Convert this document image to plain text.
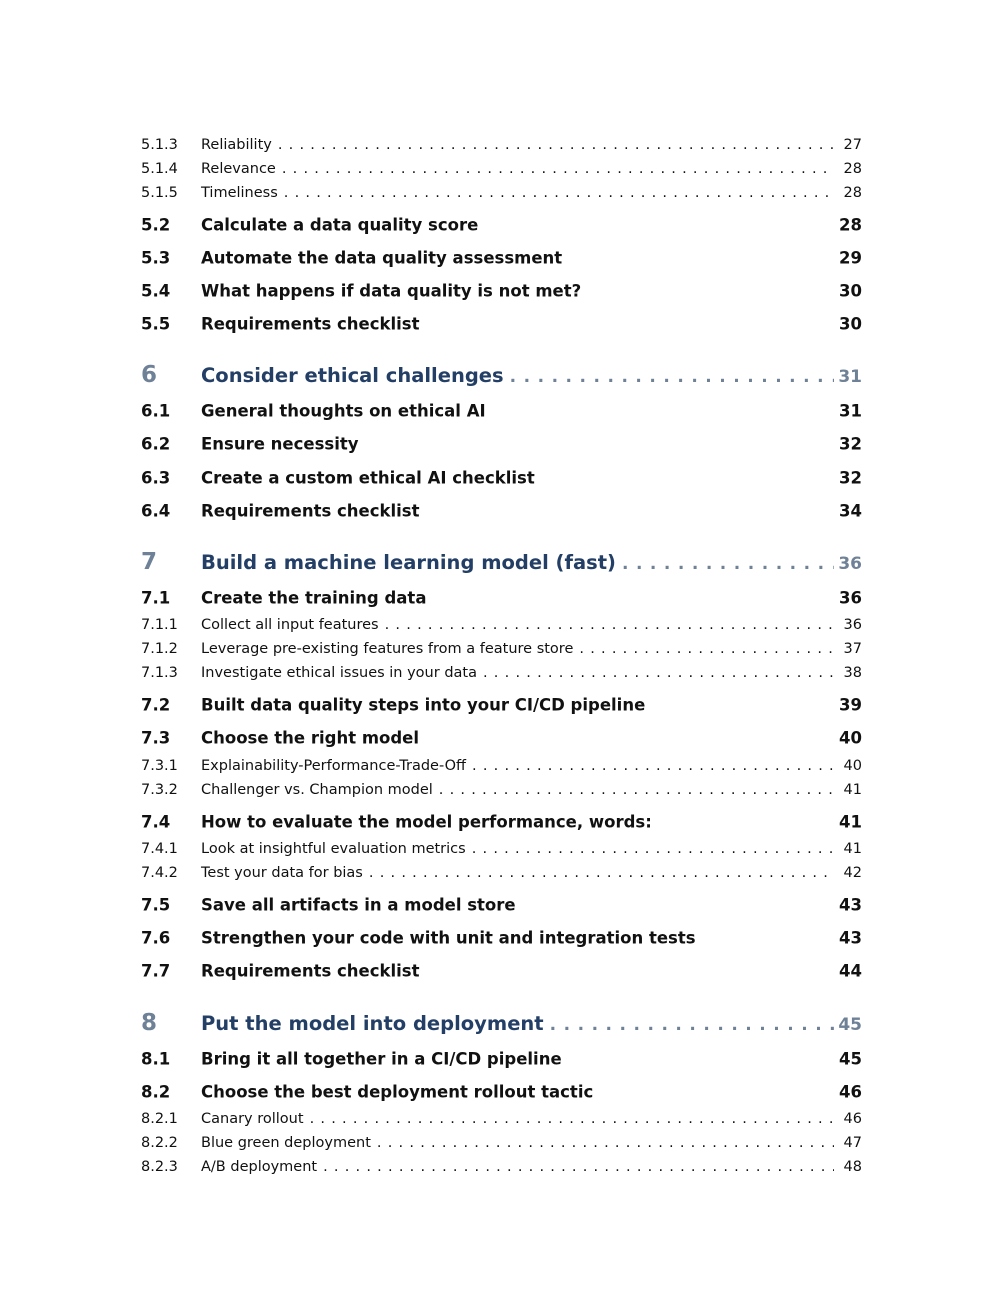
5.1.3	Reliability . . .	27
5.1.4	Relevance . . .	28
5.1.5	Timeliness . . .	28
5.2	Calculate a data quality score	28
5.3	Automate the data quality assessment	29
5.4	What happens if data quality is not met?	30
5.5	Requirements checklist	30
6	Consider ethical challenges . . .	31
6.1	General thoughts on ethical AI	31
6.2	Ensure necessity	32
6.3	Create a custom ethical AI checklist	32
6.4	Requirements checklist	34
7	Build a machine learning model (fast) . . .	36
7.1	Create the training data	36
7.1.1	Collect all input features . . .	36
7.1.2	Leverage pre-existing features from a feature store . . .	37
7.1.3	Investigate ethical issues in your data . . .	38
7.2	Built data quality steps into your CI/CD pipeline	39
7.3	Choose the right model	40
7.3.1	Explainability-Performance-Trade-Off . . .	40
7.3.2	Challenger vs. Champion model . . .	41
7.4	How to evaluate the model performance, words:	41
7.4.1	Look at insightful evaluation metrics . . .	41
7.4.2	Test your data for bias . . .	42
7.5	Save all artifacts in a model store	43
7.6	Strengthen your code with unit and integration tests	43
7.7	Requirements checklist	44
8	Put the model into deployment . . .	45
8.1	Bring it all together in a CI/CD pipeline	45
8.2	Choose the best deployment rollout tactic	46
8.2.1	Canary rollout . . .	46
8.2.2	Blue green deployment . . .	47
8.2.3	A/B deployment . . .	48
